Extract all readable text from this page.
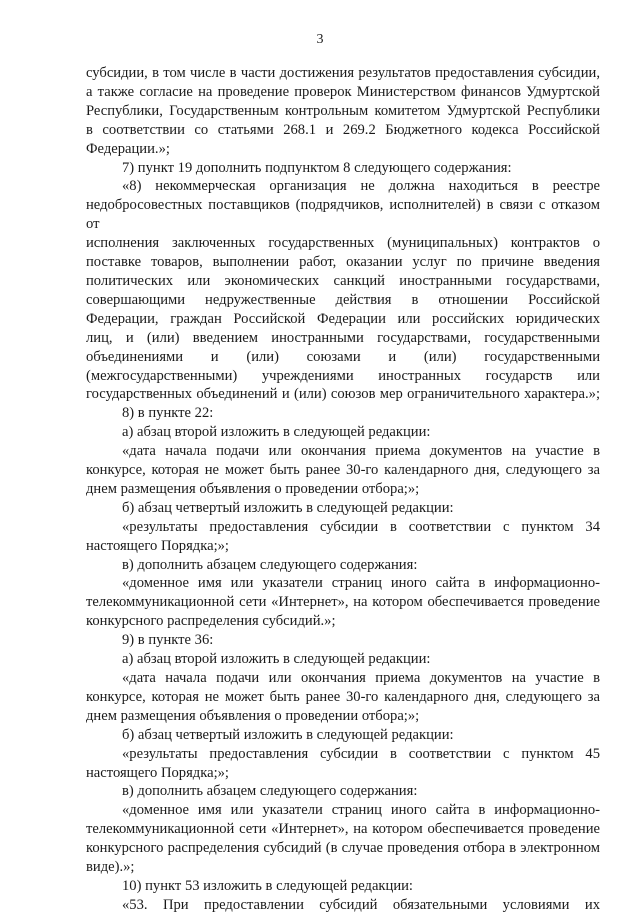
3

субсидии, в том числе в части достижения результатов предоставления субсидии,

а также согласие на проведение проверок Министерством финансов Удмуртской

Республики, Государственным контрольным комитетом Удмуртской Республики

в соответствии со статьями 268.1 и 269.2 Бюджетного кодекса Российской

Федерации.»;

7) пункт 19 дополнить подпунктом 8 следующего содержания:

«8) некоммерческая организация не должна находиться в реестре

недобросовестных поставщиков (подрядчиков, исполнителей) в связи с отказом от

исполнения заключенных государственных (муниципальных) контрактов о

поставке товаров, выполнении работ, оказании услуг по причине введения

политических или экономических санкций иностранными государствами,

совершающими недружественные действия в отношении Российской

Федерации, граждан Российской Федерации или российских юридических

лиц, и (или) введением иностранными государствами, государственными

объединениями и (или) союзами и (или) государственными

(межгосударственными) учреждениями иностранных государств или

государственных объединений и (или) союзов мер ограничительного характера.»;

8) в пункте 22:

а) абзац второй изложить в следующей редакции:

«дата начала подачи или окончания приема документов на участие в

конкурсе, которая не может быть ранее 30-го календарного дня, следующего за

днем размещения объявления о проведении отбора;»;

б) абзац четвертый изложить в следующей редакции:

«результаты предоставления субсидии в соответствии с пунктом 34

настоящего Порядка;»;

в) дополнить абзацем следующего содержания:

«доменное имя или указатели страниц иного сайта в информационно-

телекоммуникационной сети «Интернет», на котором обеспечивается проведение

конкурсного распределения субсидий.»;

9) в пункте 36:

а) абзац второй изложить в следующей редакции:

«дата начала подачи или окончания приема документов на участие в

конкурсе, которая не может быть ранее 30-го календарного дня, следующего за

днем размещения объявления о проведении отбора;»;

б) абзац четвертый изложить в следующей редакции:

«результаты предоставления субсидии в соответствии с пунктом 45

настоящего Порядка;»;

в) дополнить абзацем следующего содержания:

«доменное имя или указатели страниц иного сайта в информационно-

телекоммуникационной сети «Интернет», на котором обеспечивается проведение

конкурсного распределения субсидий (в случае проведения отбора в электронном

виде).»;

10) пункт 53 изложить в следующей редакции:

«53. При предоставлении субсидий обязательными условиями их
